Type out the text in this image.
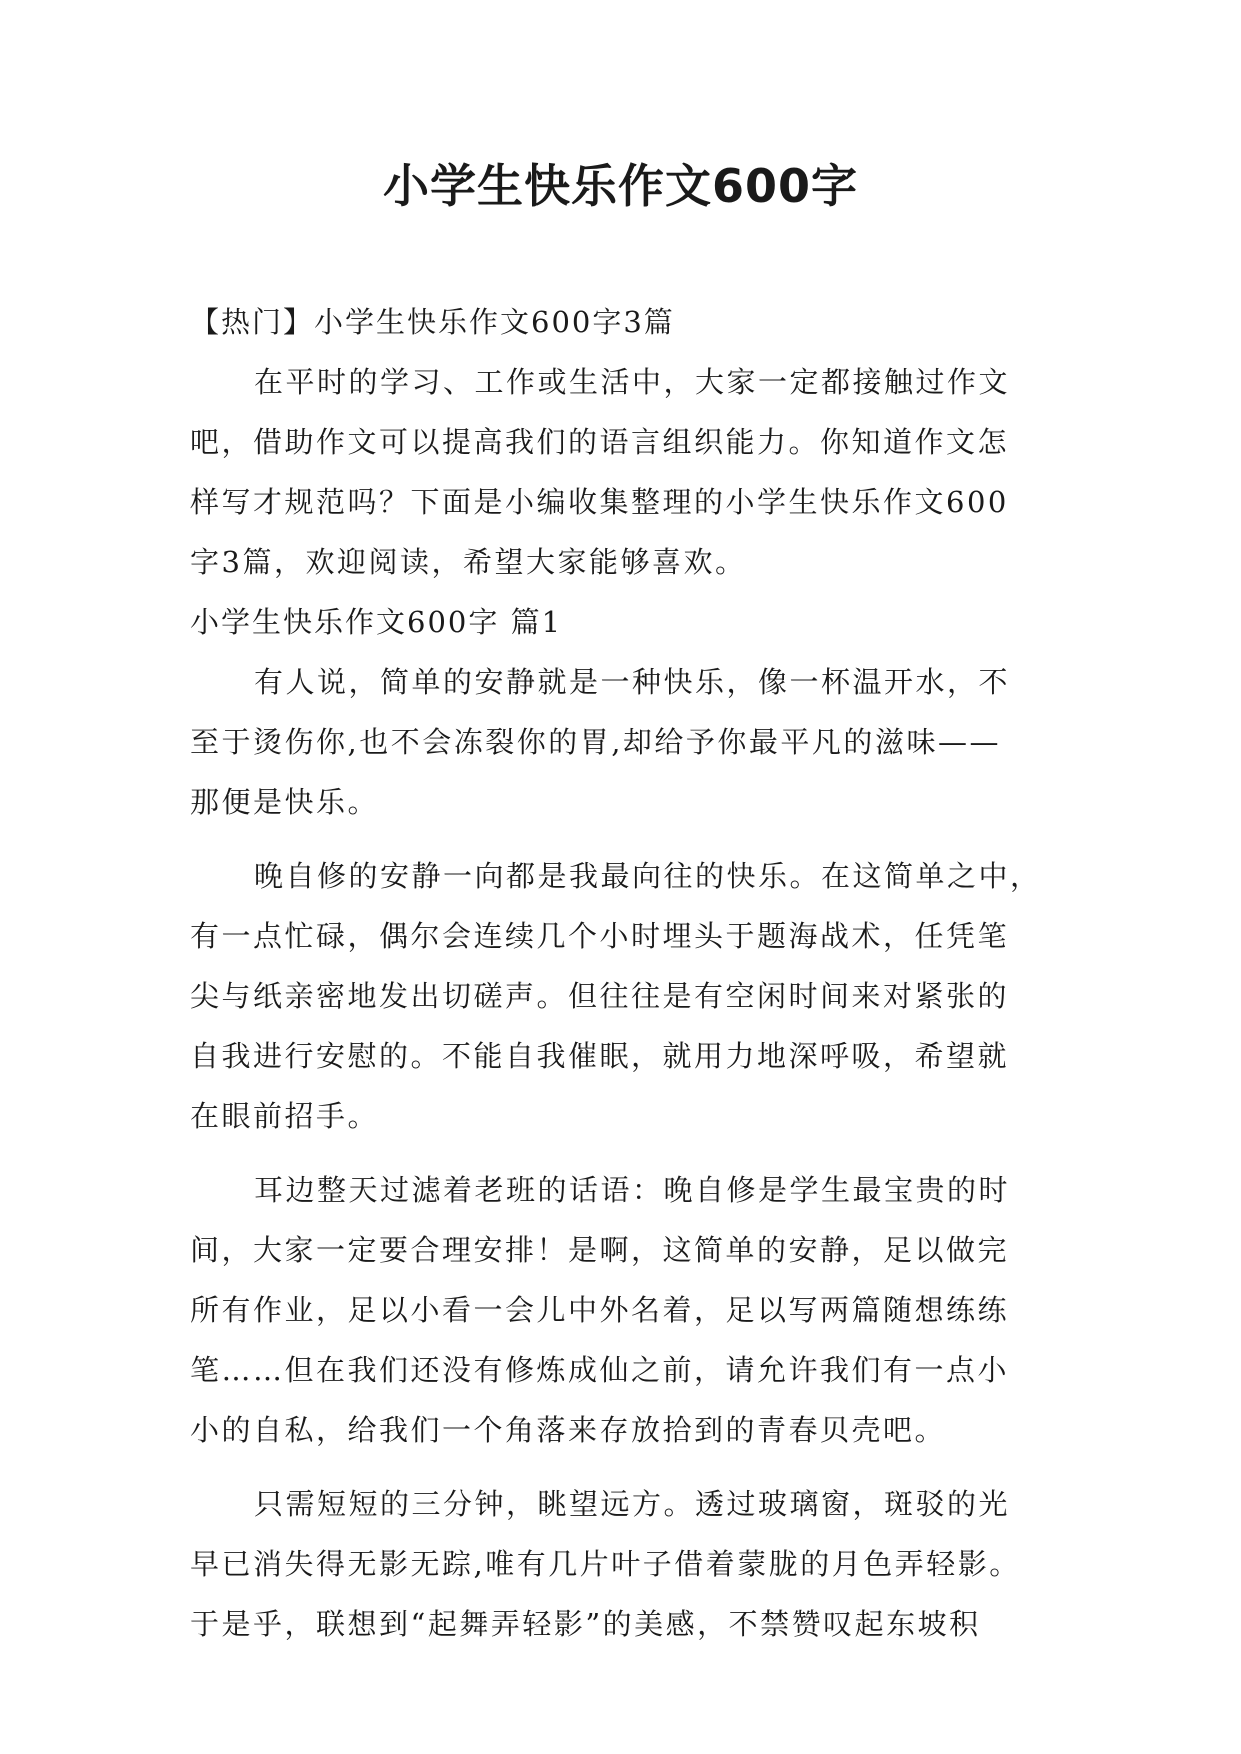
小学生快乐作文600字

【热门】小学生快乐作文600字3篇

在平时的学习、工作或生活中，大家一定都接触过作文

吧，借助作文可以提高我们的语言组织能力。你知道作文怎

样写才规范吗？下面是小编收集整理的小学生快乐作文600

字3篇，欢迎阅读，希望大家能够喜欢。

小学生快乐作文600字 篇1

有人说，简单的安静就是一种快乐，像一杯温开水，不

至于烫伤你,也不会冻裂你的胃,却给予你最平凡的滋味——

那便是快乐。

晚自修的安静一向都是我最向往的快乐。在这简单之中，

有一点忙碌，偶尔会连续几个小时埋头于题海战术，任凭笔

尖与纸亲密地发出切磋声。但往往是有空闲时间来对紧张的

自我进行安慰的。不能自我催眠，就用力地深呼吸，希望就

在眼前招手。

耳边整天过滤着老班的话语：晚自修是学生最宝贵的时

间，大家一定要合理安排！是啊，这简单的安静，足以做完

所有作业，足以小看一会儿中外名着，足以写两篇随想练练

笔……但在我们还没有修炼成仙之前，请允许我们有一点小

小的自私，给我们一个角落来存放拾到的青春贝壳吧。

只需短短的三分钟，眺望远方。透过玻璃窗，斑驳的光

早已消失得无影无踪,唯有几片叶子借着蒙胧的月色弄轻影。

于是乎，联想到“起舞弄轻影”的美感，不禁赞叹起东坡积
